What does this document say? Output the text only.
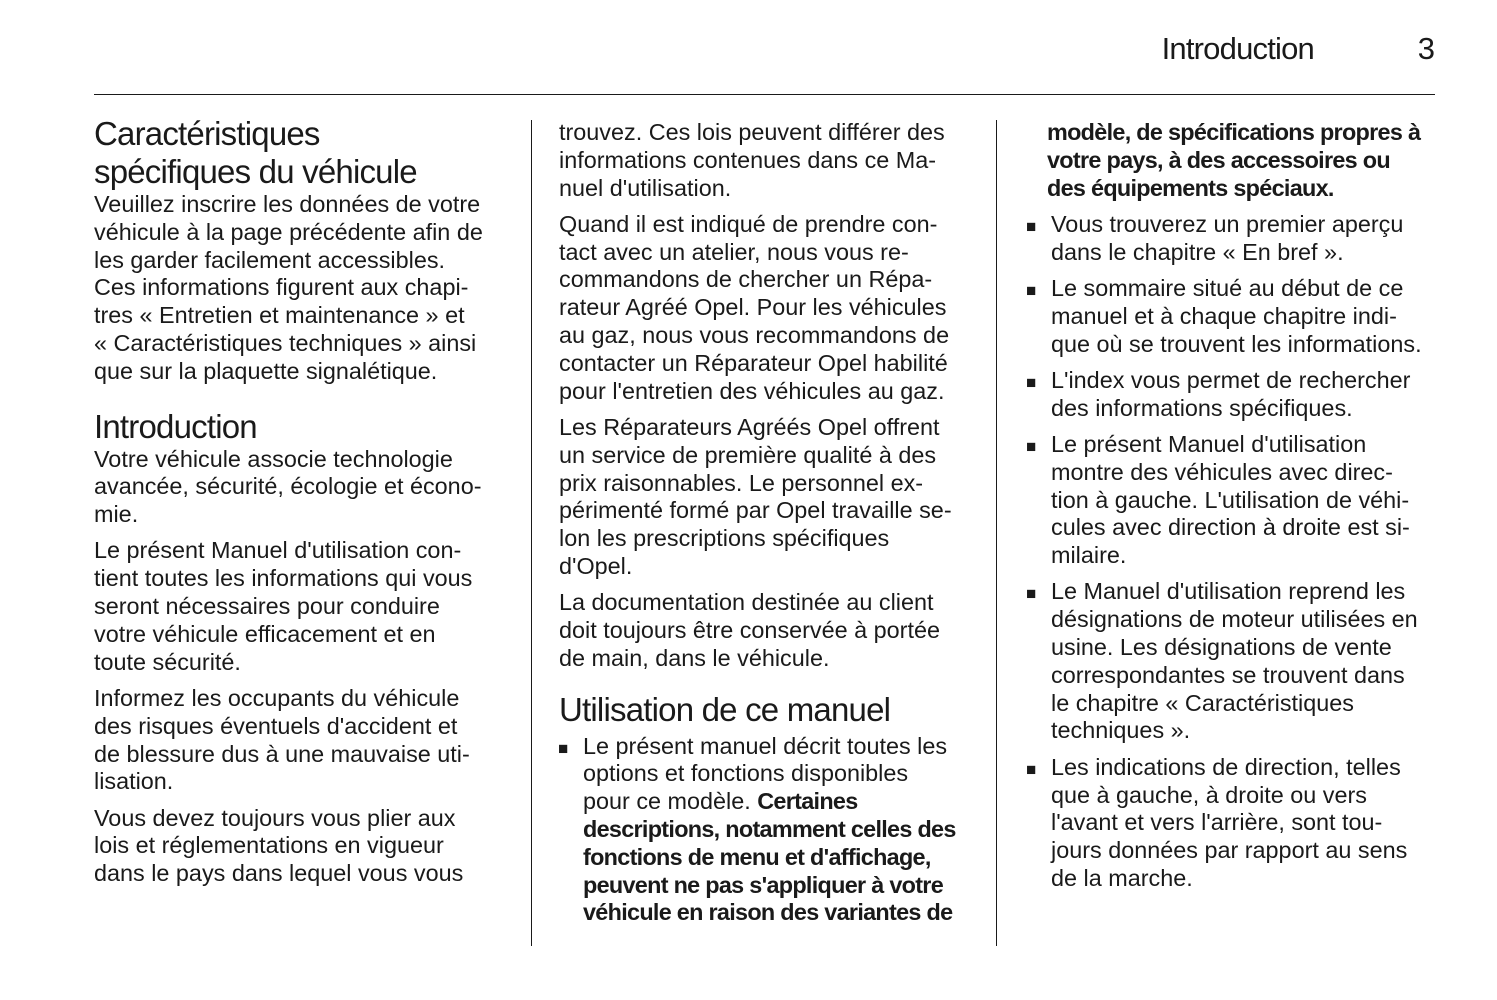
Introduction	3
Caractéristiques
spécifiques du véhicule
Veuillez inscrire les données de votre
véhicule à la page précédente afin de
les garder facilement accessibles.
Ces informations figurent aux chapi-
tres « Entretien et maintenance » et
« Caractéristiques techniques » ainsi
que sur la plaquette signalétique.
Introduction
Votre véhicule associe technologie
avancée, sécurité, écologie et écono-
mie.
Le présent Manuel d'utilisation con-
tient toutes les informations qui vous
seront nécessaires pour conduire
votre véhicule efficacement et en
toute sécurité.
Informez les occupants du véhicule
des risques éventuels d'accident et
de blessure dus à une mauvaise uti-
lisation.
Vous devez toujours vous plier aux
lois et réglementations en vigueur
dans le pays dans lequel vous vous
trouvez. Ces lois peuvent différer des
informations contenues dans ce Ma-
nuel d'utilisation.
Quand il est indiqué de prendre con-
tact avec un atelier, nous vous re-
commandons de chercher un Répa-
rateur Agréé Opel. Pour les véhicules
au gaz, nous vous recommandons de
contacter un Réparateur Opel habilité
pour l'entretien des véhicules au gaz.
Les Réparateurs Agréés Opel offrent
un service de première qualité à des
prix raisonnables. Le personnel ex-
périmenté formé par Opel travaille se-
lon les prescriptions spécifiques
d'Opel.
La documentation destinée au client
doit toujours être conservée à portée
de main, dans le véhicule.
Utilisation de ce manuel
■ Le présent manuel décrit toutes les
options et fonctions disponibles
pour ce modèle. Certaines
descriptions, notamment celles des
fonctions de menu et d'affichage,
peuvent ne pas s'appliquer à votre
véhicule en raison des variantes de
modèle, de spécifications propres à
votre pays, à des accessoires ou
des équipements spéciaux.
■ Vous trouverez un premier aperçu
dans le chapitre « En bref ».
■ Le sommaire situé au début de ce
manuel et à chaque chapitre indi-
que où se trouvent les informations.
■ L'index vous permet de rechercher
des informations spécifiques.
■ Le présent Manuel d'utilisation
montre des véhicules avec direc-
tion à gauche. L'utilisation de véhi-
cules avec direction à droite est si-
milaire.
■ Le Manuel d'utilisation reprend les
désignations de moteur utilisées en
usine. Les désignations de vente
correspondantes se trouvent dans
le chapitre « Caractéristiques
techniques ».
■ Les indications de direction, telles
que à gauche, à droite ou vers
l'avant et vers l'arrière, sont tou-
jours données par rapport au sens
de la marche.
